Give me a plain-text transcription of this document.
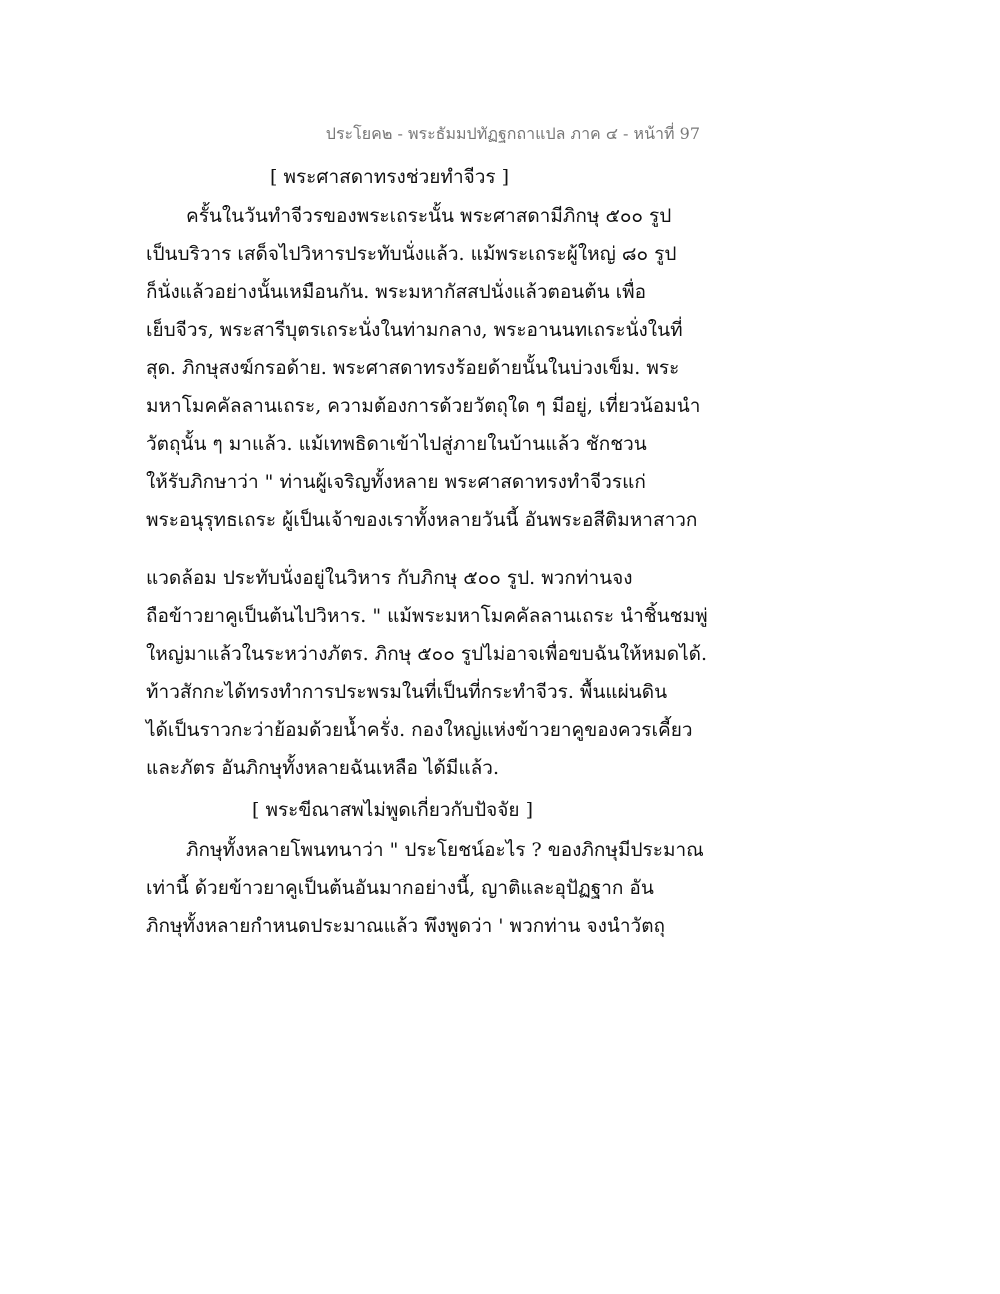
ประโยค๒ - พระธัมมปทัฏฐกถาแปล ภาค ๔ - หน้าที่ 97
[ พระศาสดาทรงช่วยทำจีวร ]
ครั้นในวันทำจีวรของพระเถระนั้น พระศาสดามีภิกษุ ๕๐๐ รูป
เป็นบริวาร เสด็จไปวิหารประทับนั่งแล้ว. แม้พระเถระผู้ใหญ่ ๘๐ รูป
ก็นั่งแล้วอย่างนั้นเหมือนกัน. พระมหากัสสปนั่งแล้วตอนต้น เพื่อ
เย็บจีวร, พระสารีบุตรเถระนั่งในท่ามกลาง, พระอานนทเถระนั่งในที่
สุด. ภิกษุสงฆ์กรอด้าย. พระศาสดาทรงร้อยด้ายนั้นในบ่วงเข็ม. พระ
มหาโมคคัลลานเถระ, ความต้องการด้วยวัตถุใด ๆ มีอยู่, เที่ยวน้อมนำ
วัตถุนั้น ๆ มาแล้ว. แม้เทพธิดาเข้าไปสู่ภายในบ้านแล้ว ชักชวน
ให้รับภิกษาว่า " ท่านผู้เจริญทั้งหลาย พระศาสดาทรงทำจีวรแก่
พระอนุรุทธเถระ ผู้เป็นเจ้าของเราทั้งหลายวันนี้ อันพระอสีติมหาสาวก
แวดล้อม ประทับนั่งอยู่ในวิหาร กับภิกษุ ๕๐๐ รูป. พวกท่านจง
ถือข้าวยาคูเป็นต้นไปวิหาร. " แม้พระมหาโมคคัลลานเถระ นำชิ้นชมพู่
ใหญ่มาแล้วในระหว่างภัตร. ภิกษุ ๕๐๐ รูปไม่อาจเพื่อขบฉันให้หมดได้.
ท้าวสักกะได้ทรงทำการประพรมในที่เป็นที่กระทำจีวร. พื้นแผ่นดิน
ได้เป็นราวกะว่าย้อมด้วยน้ำครั่ง. กองใหญ่แห่งข้าวยาคูของควรเคี้ยว
และภัตร อันภิกษุทั้งหลายฉันเหลือ ได้มีแล้ว.
[ พระขีณาสพไม่พูดเกี่ยวกับปัจจัย ]
ภิกษุทั้งหลายโพนทนาว่า " ประโยชน์อะไร ? ของภิกษุมีประมาณ
เท่านี้ ด้วยข้าวยาคูเป็นต้นอันมากอย่างนี้, ญาติและอุปัฏฐาก อัน
ภิกษุทั้งหลายกำหนดประมาณแล้ว พึงพูดว่า ' พวกท่าน จงนำวัตถุ
